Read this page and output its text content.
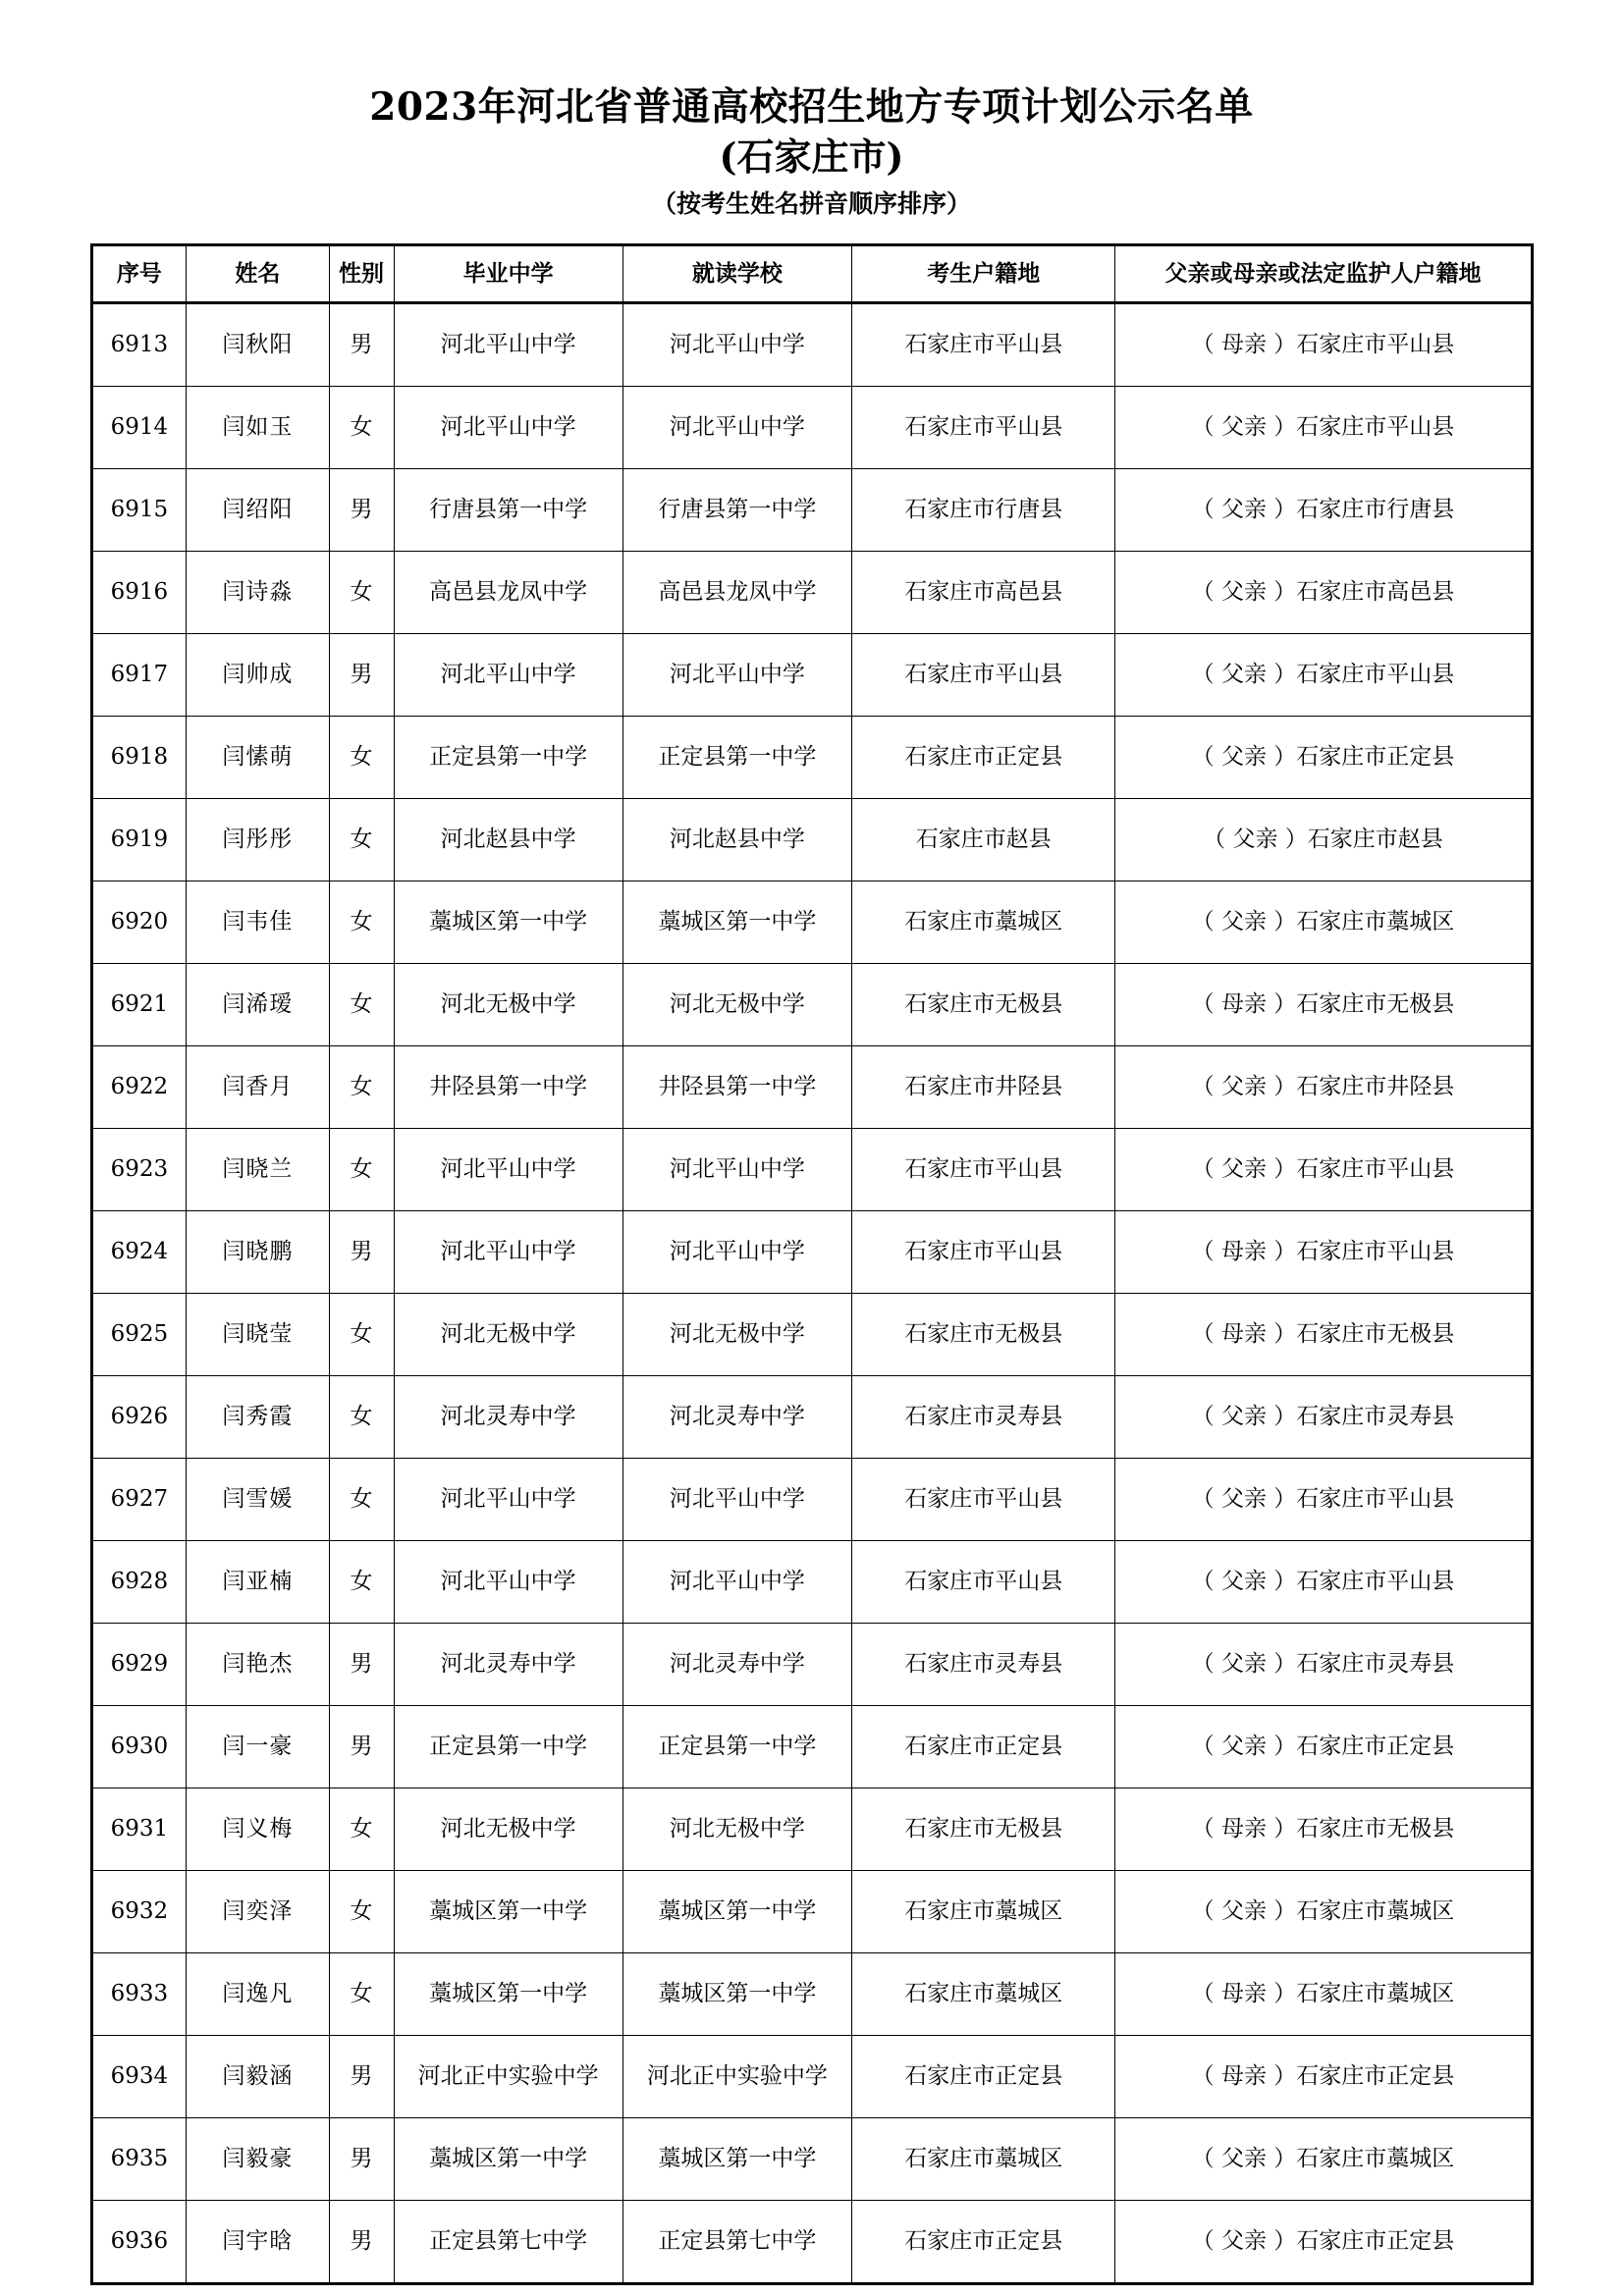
2023年河北省普通高校招生地方专项计划公示名单
(石家庄市)
（按考生姓名拼音顺序排序）
序号	姓名	性别	毕业中学	就读学校	考生户籍地	父亲或母亲或法定监护人户籍地
6913	闫秋阳	男	河北平山中学	河北平山中学	石家庄市平山县	（ 母亲 ）石家庄市平山县
6914	闫如玉	女	河北平山中学	河北平山中学	石家庄市平山县	（ 父亲 ）石家庄市平山县
6915	闫绍阳	男	行唐县第一中学	行唐县第一中学	石家庄市行唐县	（ 父亲 ）石家庄市行唐县
6916	闫诗淼	女	高邑县龙凤中学	高邑县龙凤中学	石家庄市高邑县	（ 父亲 ）石家庄市高邑县
6917	闫帅成	男	河北平山中学	河北平山中学	石家庄市平山县	（ 父亲 ）石家庄市平山县
6918	闫愫萌	女	正定县第一中学	正定县第一中学	石家庄市正定县	（ 父亲 ）石家庄市正定县
6919	闫彤彤	女	河北赵县中学	河北赵县中学	石家庄市赵县	（ 父亲 ）石家庄市赵县
6920	闫韦佳	女	藁城区第一中学	藁城区第一中学	石家庄市藁城区	（ 父亲 ）石家庄市藁城区
6921	闫浠瑷	女	河北无极中学	河北无极中学	石家庄市无极县	（ 母亲 ）石家庄市无极县
6922	闫香月	女	井陉县第一中学	井陉县第一中学	石家庄市井陉县	（ 父亲 ）石家庄市井陉县
6923	闫晓兰	女	河北平山中学	河北平山中学	石家庄市平山县	（ 父亲 ）石家庄市平山县
6924	闫晓鹏	男	河北平山中学	河北平山中学	石家庄市平山县	（ 母亲 ）石家庄市平山县
6925	闫晓莹	女	河北无极中学	河北无极中学	石家庄市无极县	（ 母亲 ）石家庄市无极县
6926	闫秀霞	女	河北灵寿中学	河北灵寿中学	石家庄市灵寿县	（ 父亲 ）石家庄市灵寿县
6927	闫雪媛	女	河北平山中学	河北平山中学	石家庄市平山县	（ 父亲 ）石家庄市平山县
6928	闫亚楠	女	河北平山中学	河北平山中学	石家庄市平山县	（ 父亲 ）石家庄市平山县
6929	闫艳杰	男	河北灵寿中学	河北灵寿中学	石家庄市灵寿县	（ 父亲 ）石家庄市灵寿县
6930	闫一豪	男	正定县第一中学	正定县第一中学	石家庄市正定县	（ 父亲 ）石家庄市正定县
6931	闫义梅	女	河北无极中学	河北无极中学	石家庄市无极县	（ 母亲 ）石家庄市无极县
6932	闫奕泽	女	藁城区第一中学	藁城区第一中学	石家庄市藁城区	（ 父亲 ）石家庄市藁城区
6933	闫逸凡	女	藁城区第一中学	藁城区第一中学	石家庄市藁城区	（ 母亲 ）石家庄市藁城区
6934	闫毅涵	男	河北正中实验中学	河北正中实验中学	石家庄市正定县	（ 母亲 ）石家庄市正定县
6935	闫毅豪	男	藁城区第一中学	藁城区第一中学	石家庄市藁城区	（ 父亲 ）石家庄市藁城区
6936	闫宇晗	男	正定县第七中学	正定县第七中学	石家庄市正定县	（ 父亲 ）石家庄市正定县
